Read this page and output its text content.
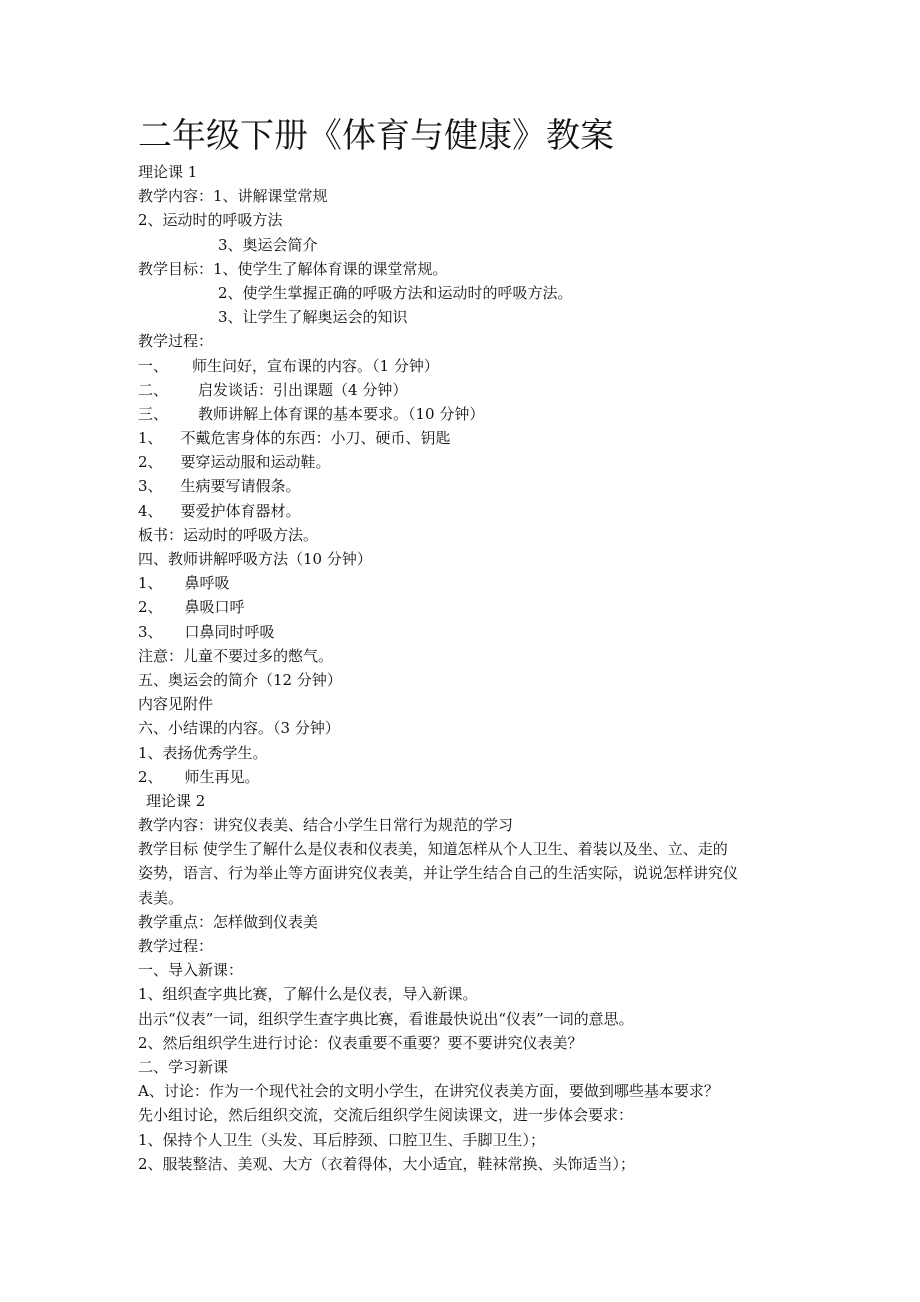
二年级下册《体育与健康》教案
理论课 1
教学内容：1、讲解课堂常规
2、运动时的呼吸方法
3、奥运会简介
教学目标：1、使学生了解体育课的课堂常规。
2、使学生掌握正确的呼吸方法和运动时的呼吸方法。
3、让学生了解奥运会的知识
教学过程：
一、 师生问好，宣布课的内容。（1 分钟）
二、 启发谈话：引出课题（4 分钟）
三、 教师讲解上体育课的基本要求。（10 分钟）
1、 不戴危害身体的东西：小刀、硬币、钥匙
2、 要穿运动服和运动鞋。
3、 生病要写请假条。
4、 要爱护体育器材。
板书：运动时的呼吸方法。
四、教师讲解呼吸方法（10 分钟）
1、 鼻呼吸
2、 鼻吸口呼
3、 口鼻同时呼吸
注意：儿童不要过多的憋气。
五、奥运会的简介（12 分钟）
内容见附件
六、小结课的内容。（3 分钟）
1、表扬优秀学生。
2、 师生再见。
理论课 2
教学内容：讲究仪表美、结合小学生日常行为规范的学习
教学目标 使学生了解什么是仪表和仪表美，知道怎样从个人卫生、着装以及坐、立、走的
姿势，语言、行为举止等方面讲究仪表美，并让学生结合自己的生活实际，说说怎样讲究仪
表美。
教学重点：怎样做到仪表美
教学过程：
一、导入新课：
1、组织查字典比赛，了解什么是仪表，导入新课。
出示“仪表”一词，组织学生查字典比赛，看谁最快说出“仪表”一词的意思。
2、然后组织学生进行讨论：仪表重要不重要？要不要讲究仪表美？
二、学习新课
A、讨论：作为一个现代社会的文明小学生，在讲究仪表美方面，要做到哪些基本要求？
先小组讨论，然后组织交流，交流后组织学生阅读课文，进一步体会要求：
1、保持个人卫生（头发、耳后脖颈、口腔卫生、手脚卫生）；
2、服装整洁、美观、大方（衣着得体，大小适宜，鞋袜常换、头饰适当）；
